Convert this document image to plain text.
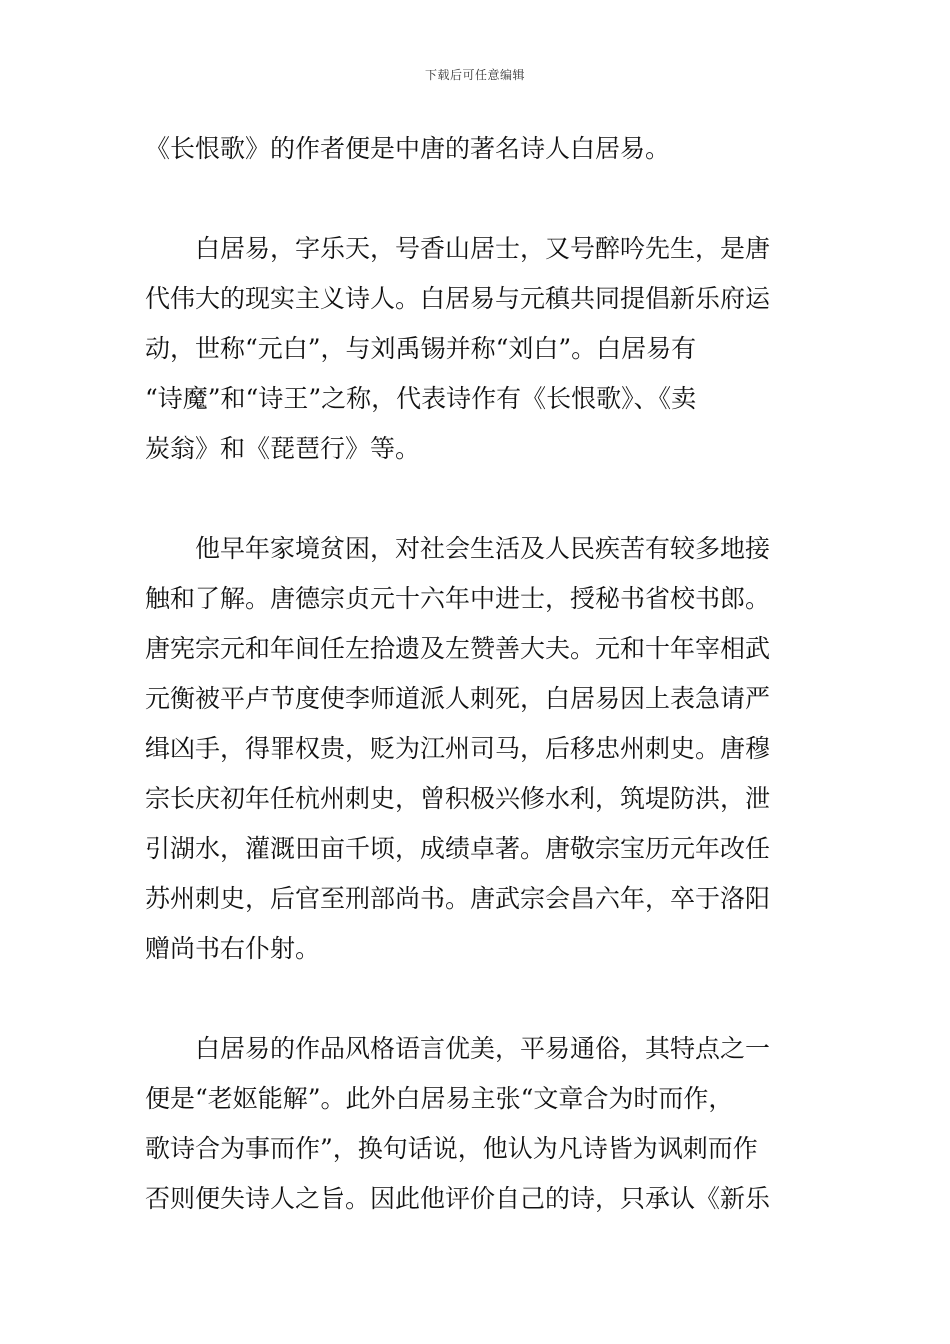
下载后可任意编辑
《长恨歌》的作者便是中唐的著名诗人白居易。
　　白居易，字乐天，号香山居士，又号醉吟先生，是唐
代伟大的现实主义诗人。白居易与元稹共同提倡新乐府运
动，世称“元白”，与刘禹锡并称“刘白”。白居易有
“诗魔”和“诗王”之称，代表诗作有《长恨歌》、《卖
炭翁》和《琵琶行》等。
　　他早年家境贫困，对社会生活及人民疾苦有较多地接
触和了解。唐德宗贞元十六年中进士，授秘书省校书郎。
唐宪宗元和年间任左拾遗及左赞善大夫。元和十年宰相武
元衡被平卢节度使李师道派人刺死，白居易因上表急请严
缉凶手，得罪权贵，贬为江州司马，后移忠州刺史。唐穆
宗长庆初年任杭州刺史，曾积极兴修水利，筑堤防洪，泄
引湖水，灌溉田亩千顷，成绩卓著。唐敬宗宝历元年改任
苏州刺史，后官至刑部尚书。唐武宗会昌六年，卒于洛阳
赠尚书右仆射。
　　白居易的作品风格语言优美，平易通俗，其特点之一
便是“老妪能解”。此外白居易主张“文章合为时而作，
歌诗合为事而作”，换句话说，他认为凡诗皆为讽刺而作
否则便失诗人之旨。因此他评价自己的诗，只承认《新乐
